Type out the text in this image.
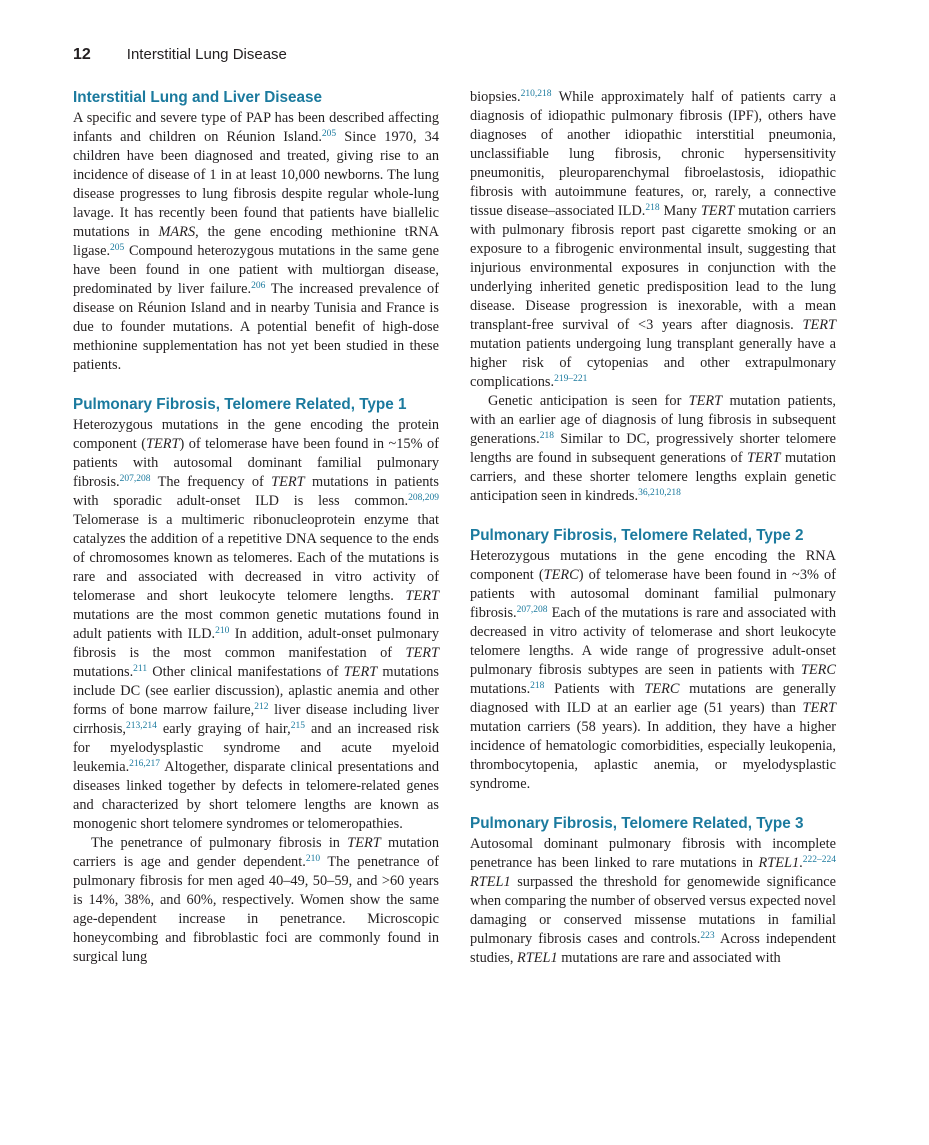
12 Interstitial Lung Disease
Interstitial Lung and Liver Disease

A specific and severe type of PAP has been described affecting infants and children on Réunion Island.$^{205}$ Since 1970, 34 children have been diagnosed and treated, giving rise to an incidence of disease of 1 in at least 10,000 newborns. The lung disease progresses to lung fibrosis despite regular whole-lung lavage. It has recently been found that patients have biallelic mutations in MARS, the gene encoding methionine tRNA ligase.$^{205}$ Compound heterozygous mutations in the same gene have been found in one patient with multiorgan disease, predominated by liver failure.$^{206}$ The increased prevalence of disease on Réunion Island and in nearby Tunisia and France is due to founder mutations. A potential benefit of high-dose methionine supplementation has not yet been studied in these patients.

Pulmonary Fibrosis, Telomere Related, Type 1

Heterozygous mutations in the gene encoding the protein component (TERT) of telomerase have been found in ~15% of patients with autosomal dominant familial pulmonary fibrosis.$^{207,208}$ The frequency of TERT mutations in patients with sporadic adult-onset ILD is less common.$^{208,209}$ Telomerase is a multimeric ribonucleoprotein enzyme that catalyzes the addition of a repetitive DNA sequence to the ends of chromosomes known as telomeres. Each of the mutations is rare and associated with decreased in vitro activity of telomerase and short leukocyte telomere lengths. TERT mutations are the most common genetic mutations found in adult patients with ILD.$^{210}$ In addition, adult-onset pulmonary fibrosis is the most common manifestation of TERT mutations.$^{211}$ Other clinical manifestations of TERT mutations include DC (see earlier discussion), aplastic anemia and other forms of bone marrow failure,$^{212}$ liver disease including liver cirrhosis,$^{213,214}$ early graying of hair,$^{215}$ and an increased risk for myelodysplastic syndrome and acute myeloid leukemia.$^{216,217}$ Altogether, disparate clinical presentations and diseases linked together by defects in telomere-related genes and characterized by short telomere lengths are known as monogenic short telomere syndromes or telomeropathies.

The penetrance of pulmonary fibrosis in TERT mutation carriers is age and gender dependent.$^{210}$ The penetrance of pulmonary fibrosis for men aged 40–49, 50–59, and >60 years is 14%, 38%, and 60%, respectively. Women show the same age-dependent increase in penetrance. Microscopic honeycombing and fibroblastic foci are commonly found in surgical lung

biopsies.$^{210,218}$ While approximately half of patients carry a diagnosis of idiopathic pulmonary fibrosis (IPF), others have diagnoses of another idiopathic interstitial pneumonia, unclassifiable lung fibrosis, chronic hypersensitivity pneumonitis, pleuroparenchymal fibroelastosis, idiopathic fibrosis with autoimmune features, or, rarely, a connective tissue disease–associated ILD.$^{218}$ Many TERT mutation carriers with pulmonary fibrosis report past cigarette smoking or an exposure to a fibrogenic environmental insult, suggesting that injurious environmental exposures in conjunction with the underlying inherited genetic predisposition lead to the lung disease. Disease progression is inexorable, with a mean transplant-free survival of <3 years after diagnosis. TERT mutation patients undergoing lung transplant generally have a higher risk of cytopenias and other extrapulmonary complications.$^{219-221}$

Genetic anticipation is seen for TERT mutation patients, with an earlier age of diagnosis of lung fibrosis in subsequent generations.$^{218}$ Similar to DC, progressively shorter telomere lengths are found in subsequent generations of TERT mutation carriers, and these shorter telomere lengths explain genetic anticipation seen in kindreds.$^{36,210,218}$

Pulmonary Fibrosis, Telomere Related, Type 2

Heterozygous mutations in the gene encoding the RNA component (TERC) of telomerase have been found in ~3% of patients with autosomal dominant familial pulmonary fibrosis.$^{207,208}$ Each of the mutations is rare and associated with decreased in vitro activity of telomerase and short leukocyte telomere lengths. A wide range of progressive adult-onset pulmonary fibrosis subtypes are seen in patients with TERC mutations.$^{218}$ Patients with TERC mutations are generally diagnosed with ILD at an earlier age (51 years) than TERT mutation carriers (58 years). In addition, they have a higher incidence of hematologic comorbidities, especially leukopenia, thrombocytopenia, aplastic anemia, or myelodysplastic syndrome.

Pulmonary Fibrosis, Telomere Related, Type 3

Autosomal dominant pulmonary fibrosis with incomplete penetrance has been linked to rare mutations in RTEL1.$^{222-224}$ RTEL1 surpassed the threshold for genomewide significance when comparing the number of observed versus expected novel damaging or conserved missense mutations in familial pulmonary fibrosis cases and controls.$^{223}$ Across independent studies, RTEL1 mutations are rare and associated with
